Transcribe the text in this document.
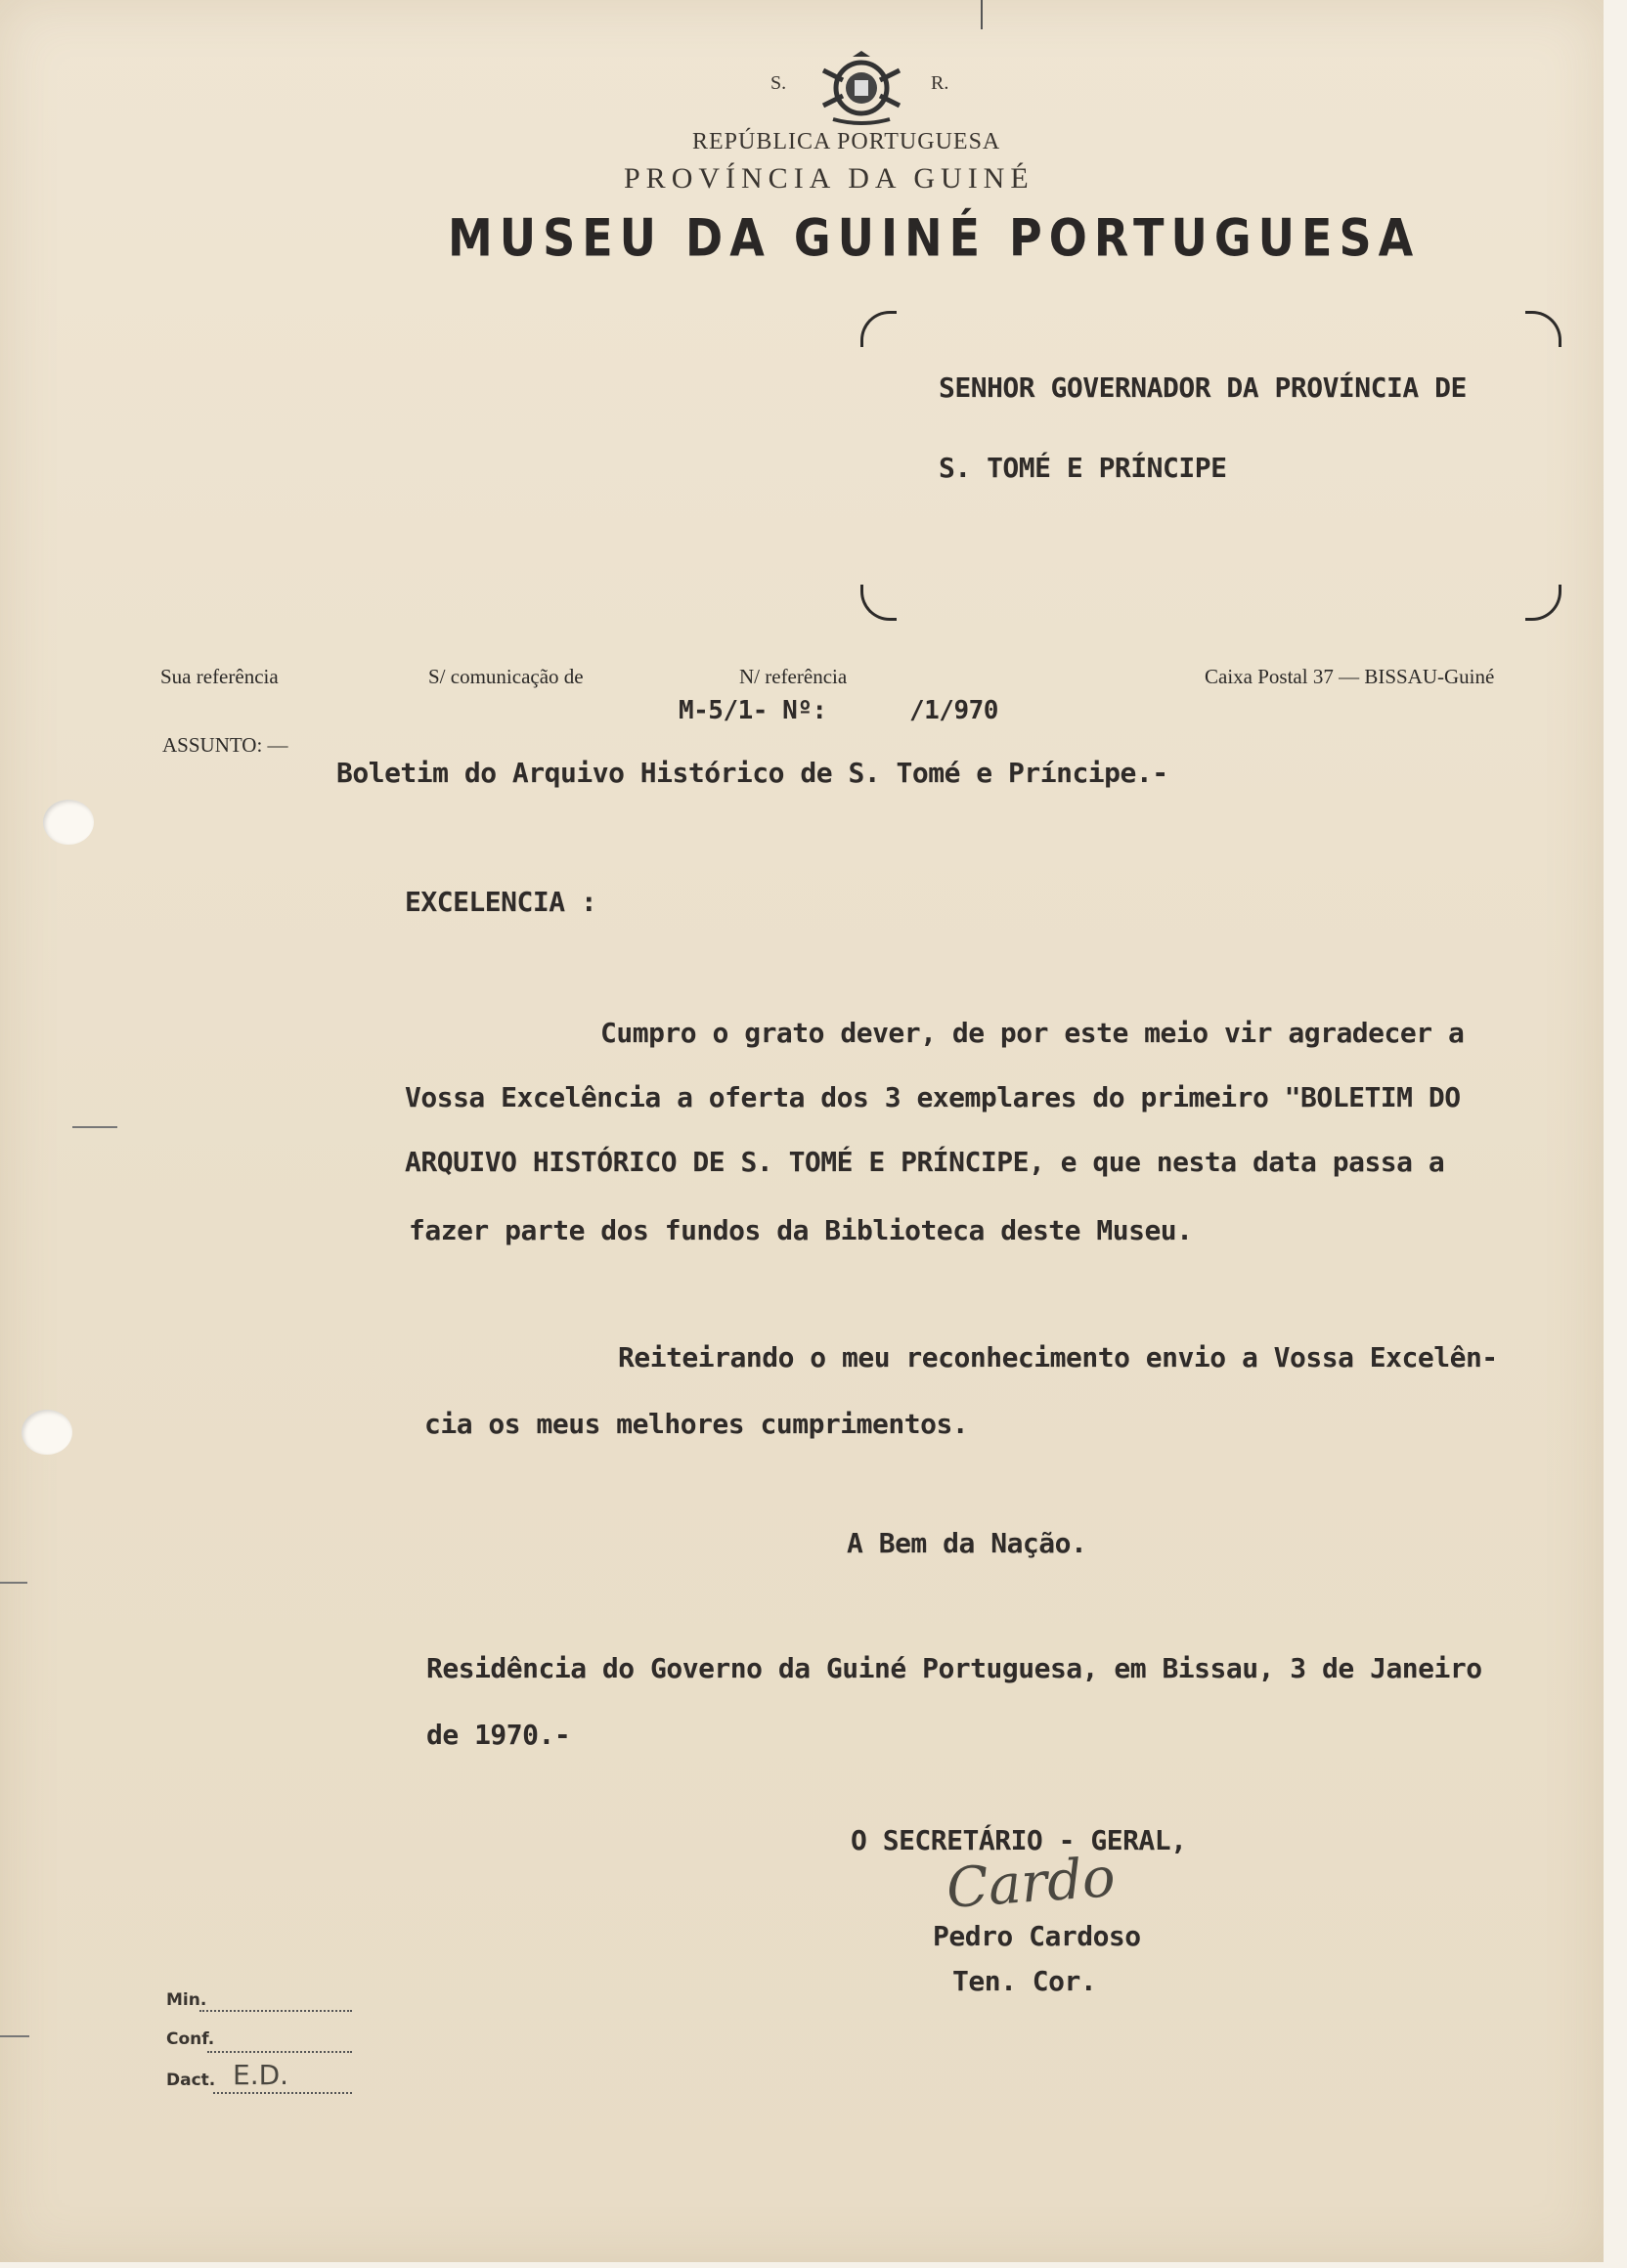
S.	R.
REPÚBLICA PORTUGUESA
PROVÍNCIA DA GUINÉ
MUSEU DA GUINÉ PORTUGUESA
SENHOR GOVERNADOR DA PROVÍNCIA DE
S. TOMÉ E PRÍNCIPE
Sua referência	S/ comunicação de	N/ referência	Caixa Postal 37 — BISSAU-Guiné
M-5/1- Nº:	/1/970
ASSUNTO: —
Boletim do Arquivo Histórico de S. Tomé e Príncipe.-
EXCELENCIA :
Cumpro o grato dever, de por este meio vir agradecer a
Vossa Excelência a oferta dos 3 exemplares do primeiro "BOLETIM DO
ARQUIVO HISTÓRICO DE S. TOMÉ E PRÍNCIPE, e que nesta data passa a
fazer parte dos fundos da Biblioteca deste Museu.
Reiteirando o meu reconhecimento envio a Vossa Excelên-
cia os meus melhores cumprimentos.
A Bem da Nação.
Residência do Governo da Guiné Portuguesa, em Bissau, 3 de Janeiro
de 1970.-
O SECRETÁRIO - GERAL,
Cardo
Pedro Cardoso
Ten. Cor.
Min.
Conf.
Dact. E.D.
